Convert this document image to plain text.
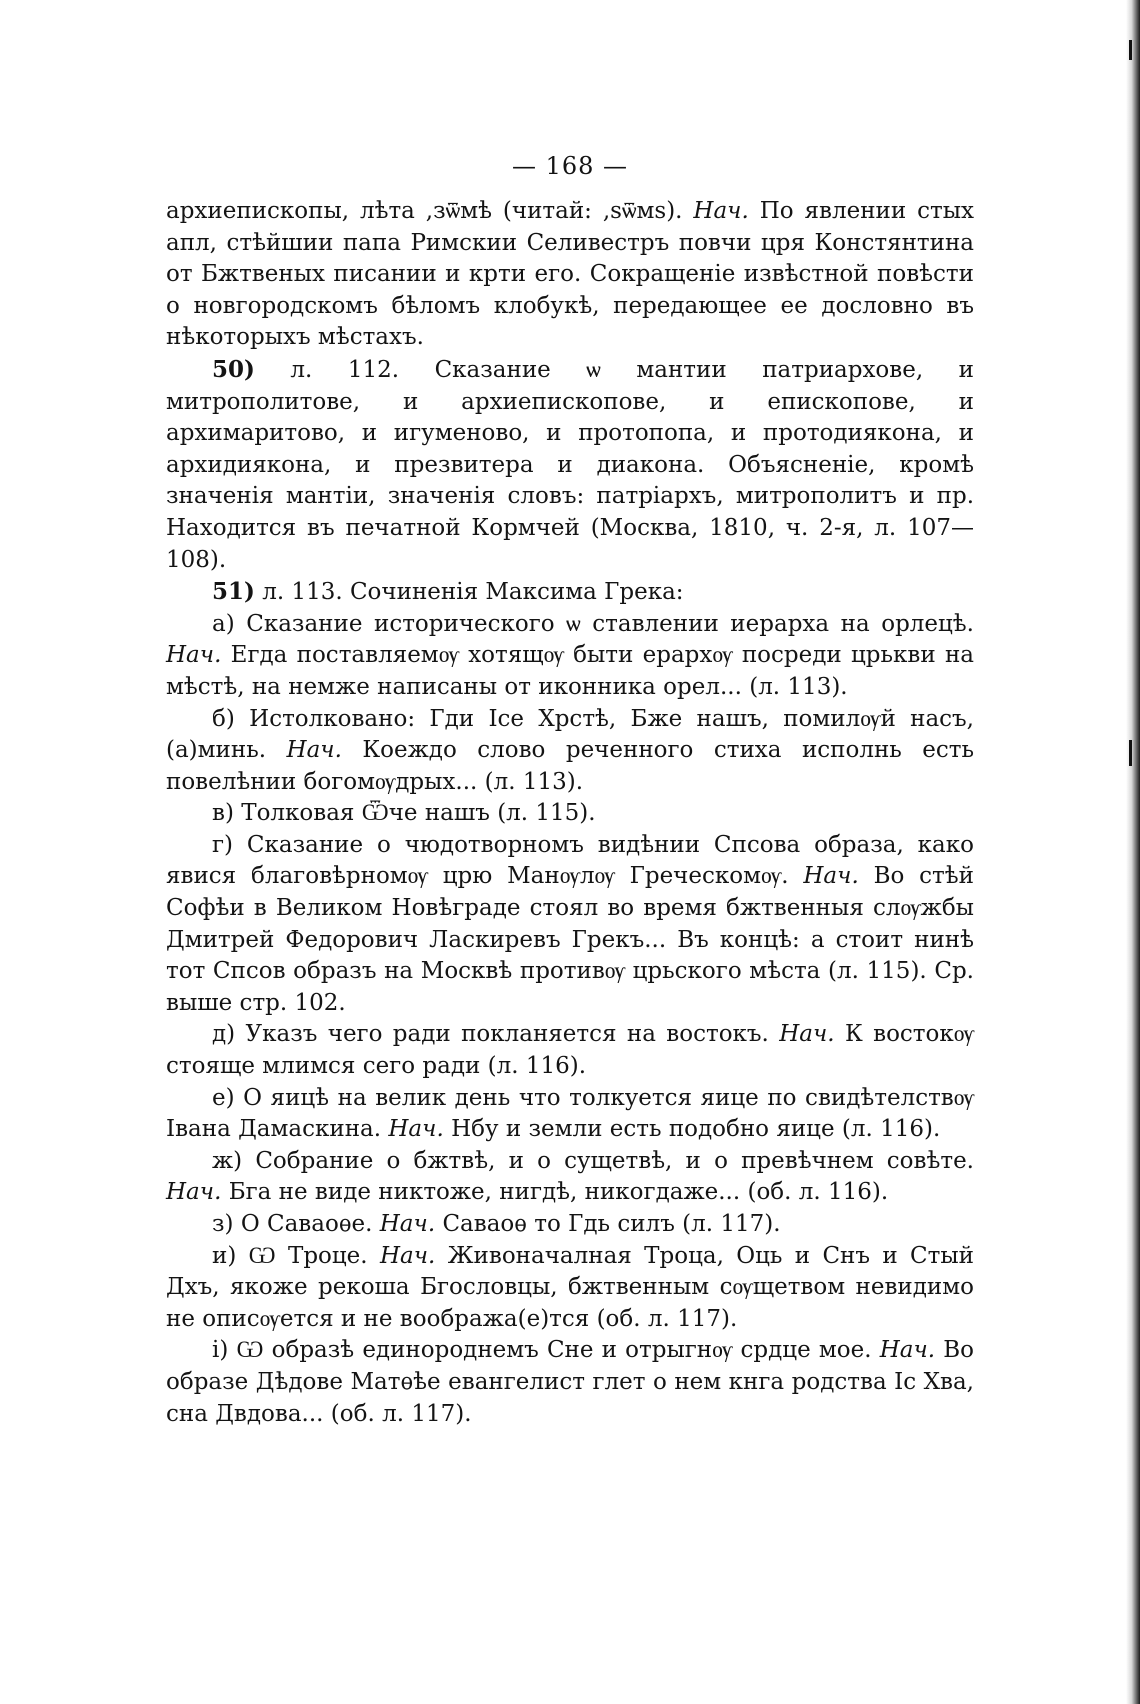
— 168 —

архиепископы, лѣта ,зѿмѣ (читай: ,ѕѿмѕ). Нач. По явлении стых апл, стѣйшии папа Римскии Селивестръ повчи цря Констянтина от Бжтвеных писании и крти его. Сокращеніе извѣстной повѣсти о новгородскомъ бѣломъ клобукѣ, передающее ее дословно въ нѣкоторыхъ мѣстахъ.

50) л. 112. Сказание ѡ мантии патриархове, и митрополитове, и архиепископове, и епископове, и архимаритово, и игуменово, и протопопа, и протодиякона, и архидиякона, и презвитера и диакона. Объясненіе, кромѣ значенія мантіи, значенія словъ: патріархъ, митрополитъ и пр. Находится въ печатной Кормчей (Москва, 1810, ч. 2-я, л. 107—108).

51) л. 113. Сочиненія Максима Грека:

а) Сказание исторического ѡ ставлении иерарха на орлецѣ. Нач. Егда поставляемѹ хотящѹ быти ерархѹ посреди црькви на мѣстѣ, на немже написаны от иконника орел... (л. 113).

б) Истолковано: Гди Ісе Хрстѣ, Бже нашъ, помилѹй насъ, (а)минь. Нач. Коеждо слово реченного стиха исполнь есть повелѣнии богомѹдрых... (л. 113).

в) Толковая Ѿче нашъ (л. 115).

г) Сказание о чюдотворномъ видѣнии Спсова образа, како явися благовѣрномѹ црю Манѹлѹ Греческомѹ. Нач. Во стѣй Софѣи в Великом Новѣграде стоял во время бжтвенныя слѹжбы Дмитрей Федорович Ласкиревъ Грекъ... Въ концѣ: а стоит нинѣ тот Спсов образъ на Москвѣ противѹ црьского мѣста (л. 115). Ср. выше стр. 102.

д) Указъ чего ради покланяется на востокъ. Нач. К востокѹ стояще млимся сего ради (л. 116).

е) О яицѣ на велик день что толкуется яице по свидѣтелствѹ Івана Дамаскина. Нач. Нбу и земли есть подобно яице (л. 116).

ж) Собрание о бжтвѣ, и о сущетвѣ, и о превѣчнем совѣте. Нач. Бга не виде никтоже, нигдѣ, никогдаже... (об. л. 116).

з) О Саваоѳе. Нач. Саваоѳ то Гдь силъ (л. 117).

и) Ѡ Троце. Нач. Живоначалная Троца, Оць и Снъ и Стый Дхъ, якоже рекоша Бгословцы, бжтвенным сѹщетвом невидимо не описѹется и не вообража(е)тся (об. л. 117).

і) Ѡ образѣ единороднемъ Сне и отрыгнѹ срдце мое. Нач. Во образе Дѣдове Матѳѣе евангелист глет о нем кнга родства Іс Хва, сна Двдова... (об. л. 117).
